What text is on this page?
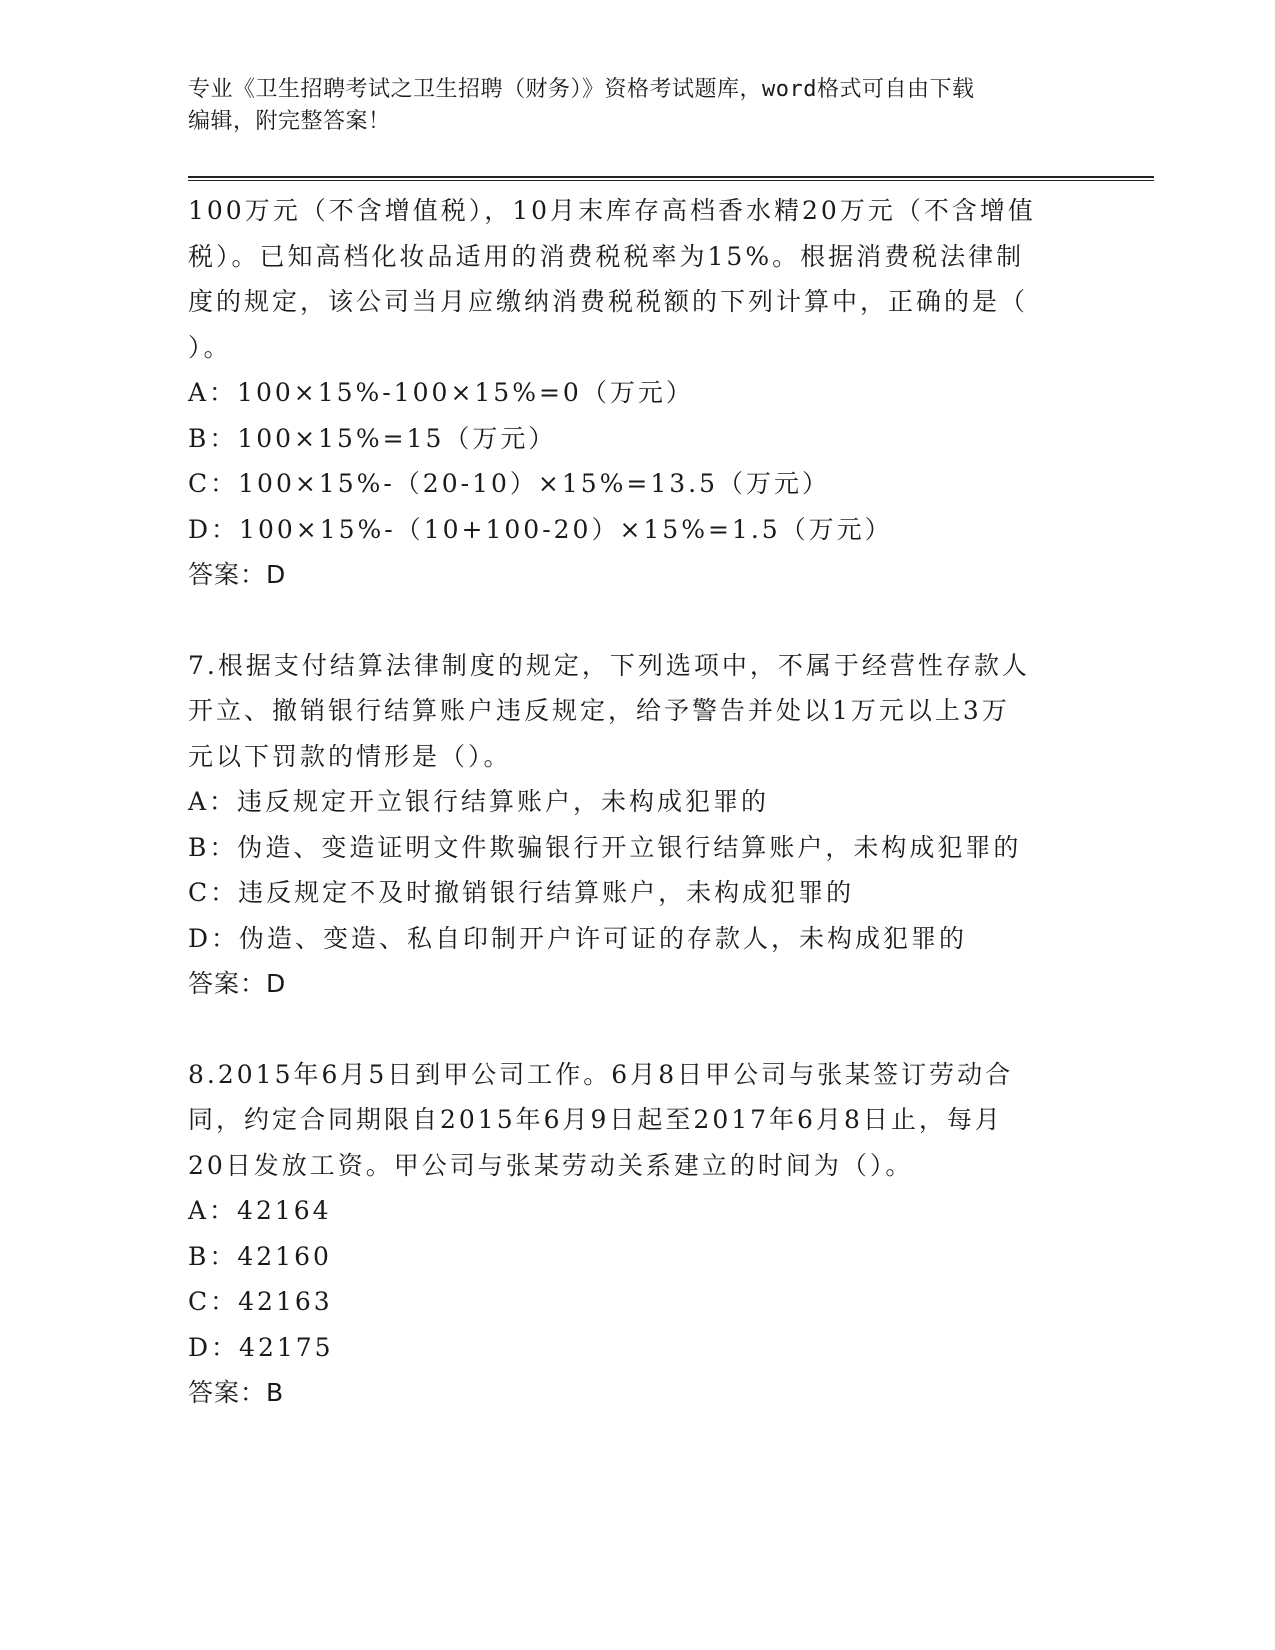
专业《卫生招聘考试之卫生招聘（财务）》资格考试题库，word格式可自由下载
编辑，附完整答案！
100万元（不含增值税），10月末库存高档香水精20万元（不含增值
税）。已知高档化妆品适用的消费税税率为15%。根据消费税法律制
度的规定，该公司当月应缴纳消费税税额的下列计算中，正确的是（
）。
A：100×15%-100×15%=0（万元）
B：100×15%=15（万元）
C：100×15%-（20-10）×15%=13.5（万元）
D：100×15%-（10+100-20）×15%=1.5（万元）
答案：D
7.根据支付结算法律制度的规定，下列选项中，不属于经营性存款人
开立、撤销银行结算账户违反规定，给予警告并处以1万元以上3万
元以下罚款的情形是（）。
A：违反规定开立银行结算账户，未构成犯罪的
B：伪造、变造证明文件欺骗银行开立银行结算账户，未构成犯罪的
C：违反规定不及时撤销银行结算账户，未构成犯罪的
D：伪造、变造、私自印制开户许可证的存款人，未构成犯罪的
答案：D
8.2015年6月5日到甲公司工作。6月8日甲公司与张某签订劳动合
同，约定合同期限自2015年6月9日起至2017年6月8日止，每月
20日发放工资。甲公司与张某劳动关系建立的时间为（）。
A：42164
B：42160
C：42163
D：42175
答案：B
